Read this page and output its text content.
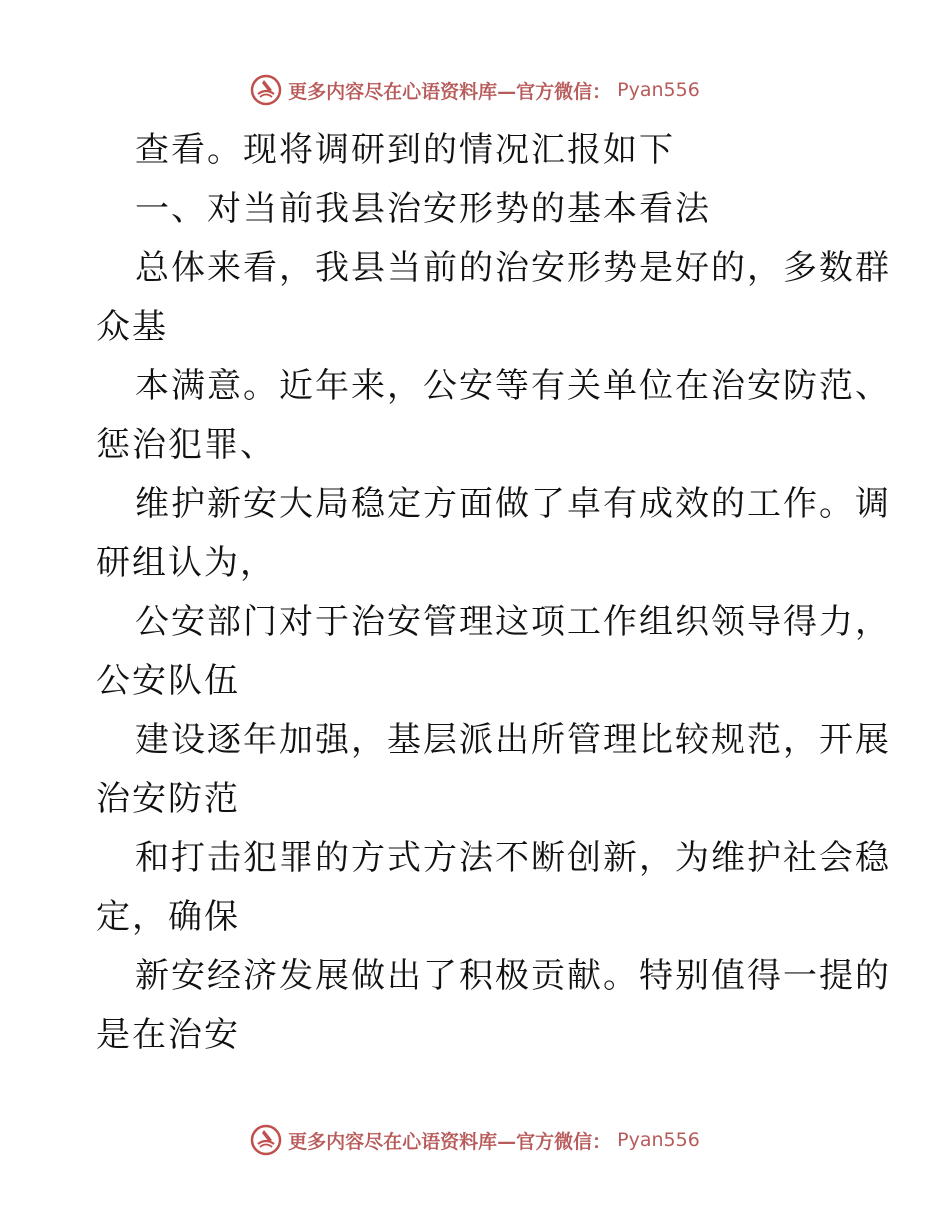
更多内容尽在心语资料库—官方微信： Pyan556
查看。现将调研到的情况汇报如下
一、对当前我县治安形势的基本看法
总体来看，我县当前的治安形势是好的，多数群
众基
本满意。近年来，公安等有关单位在治安防范、
惩治犯罪、
维护新安大局稳定方面做了卓有成效的工作。调
研组认为，
公安部门对于治安管理这项工作组织领导得力，
公安队伍
建设逐年加强，基层派出所管理比较规范，开展
治安防范
和打击犯罪的方式方法不断创新，为维护社会稳
定，确保
新安经济发展做出了积极贡献。特别值得一提的
是在治安
更多内容尽在心语资料库—官方微信： Pyan556
